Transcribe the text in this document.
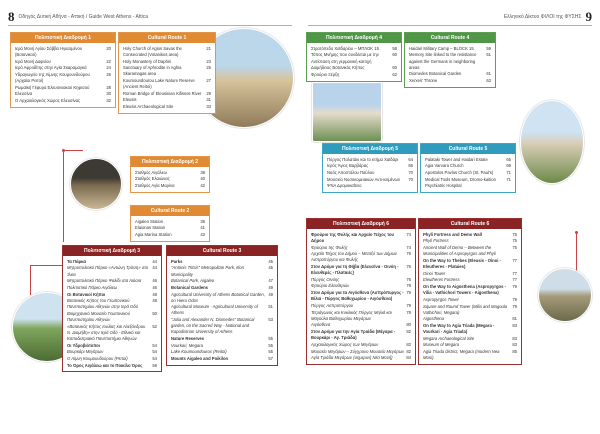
8 Οδηγός Δυτική Αθήνα - Αττική / Guide West Athens - Attica	Ελληνικό Δίκτυο ΦΙΛΟΙ της ΦΥΣΗΣ 9
Πολιτιστική Διαδρομή 1
Ιερά Μονή Αγίου Σάββα Ηγιασμένου (Βοτανικού)
20
Ιερά Μονή Δαφνίου	22
Ιερό Αφροδίτης στην Αγία Σκαραμαγκά	24
Υδραγωγείο της Λίμνης Κουμουνδούρου (Αρχαίοι Ρειτοί)
26
Ρωμαϊκή Γέφυρα Ελευσινιακού Κηφισού	28
Ελευσίνα	30
Ο Αρχαιολογικός Χώρος Ελευσίνας	32
Cultural Route 1
Holy Church of Agios Savas the Consecrated (Votanikos area)
21
Holy Monastery of Daphni	23
Sanctuary of Aphrodite in Aghia Skaramagas area
25
Koumoundourou Lake Nature Reserve (Ancient Reitoi)
27
Roman Bridge of Eleusinian Kifissos River	29
Eleusis	31
Eleusis Archaeological Site	33
Πολιτιστική Διαδρομή 2
Σταθμός Αιγάλεω	38
Σταθμός Ελαιώνας	40
Σταθμός Αγία Μαρίνα	42
Cultural Route 2
Aigaleo Station	39
Elaionas Station	41
Agia Marina Station	43
Πολιτιστική Διαδρομή 3
Τα Πάρκα	44
Μητροπολιτικό Πάρκο «Αντώνη Τρίτση» στο Ίλιον
44
Μητροπολιτικό Πάρκο Ψαλίδι στα Λιόσια	46
Πολιτιστικό Πάρκο Αιγάλεω	46
Οι Βοτανικοί Κήποι	48
Βοτανικός Κήπος του Γεωπονικού Πανεπιστημίου Αθηνών στην Ιερά Οδό
48
Βιομηχανικό Μουσείο Γεωπονικού Πανεπιστημίου Αθηνών
50
«Βοτανικός Κήπος Ιουλίας και Αλεξάνδρου Ν. Διομήδη» στην Ιερά Οδό - Εθνικό και Καποδιστριακό Πανεπιστήμιο Αθηνών
52
Οι Υδροβιότοποι	54
Βουρκάρι Μεγάρων	54
Ο Λίμνη Κουμουνδούρου (Ρειτοί)	54
Το Όρος Αιγάλεω και το Ποικίλο Όρος	56
Cultural Route 3
Parks	45
"Antonis Tritsis" Metropolitan Park, Ilion Municipality
45
Botanical Park, Aigaleo	47
Botanical Gardens	49
Agricultural University of Athens Botanical Garden, on Hiera Odos
49
Agricultural Museum - Agricultural University of Athens
51
"Julia and Alexander N. Diomedes" Botanical garden, on the Sacred Way - National and Kapodistrian University of Athens
53
Nature Reserves	55
Vourkari, Megara	55
Lake Koumoundouros (Reitoi)	55
Mounts Aigaleo and Poikilon	57
Πολιτιστική Διαδρομή 4
Στρατόπεδο Χαϊδαρίου – ΜΠΛΟΚ 15	58
Τόπος Μνήμης που συνδέεται με την Αντίσταση στη γερμανική κατοχή
60
Διομήδειος Βοτανικός Κήπος	60
Φρούριο Ξέρξη	62
Cultural Route 4
Haidari Military Camp – BLOCK 15	59
Memory Site linked to the resistance against the Germans in neighboring areas
61
Diomedes Botanical Garden	61
Xerxes' Throne	63
Πολιτιστική Διαδρομή 5
Πύργος Παλατάκι και το κτήμα Χαϊδάρι	64
Ιερός Άγιος Βαρβάρας	66
Ναός Αποστόλου Παύλου	70
Μουσείο Νοσοκομειακών Αντι-κειμένων ΨΝΑ Δρομοκαΐτειο
70
Cultural Route 5
Palataki Tower and Haidari Estate	65
Agia Varvara Church	69
Apostolos Pavlos Church (St. Paul's)	71
Medical Tools Museum, Dromo-kaition Psychiatric Hospital
71
Πολιτιστική Διαδρομή 6
Φρούριο της Φυλής και Αρχαίο Τείχος του Δήμου
74
Φρούριο της Φυλής	74
Αρχαίο Τείχος του Δήμου – Μεταξύ των Δήμων Ασπροπύργου και Φυλής
76
Στον Δρόμο για τη Θήβα (Ελευσίνα - Οινόη - Ελευθερές - Πλαταιές)
76
Πύργος Οινόης	76
Φρούριο Ελευθερών	78
Στον Δρόμο για τα Αιγόσθενα (Ασπρόπυργος - Βίλια - Πύργος Βαθυχωρίου - Αιγόσθενα)
79
Πύργος Ασπροπύργου	79
Τετράγωνος και Κυκλικός Πύργος Μηλιά και Μαγούλα Βαθυχωρίου Μεγάρων
79
Αιγόσθενα	80
Στον Δρόμο για την Αγία Τριάδα (Μέγαρα - Βουρκάρι - Αγ. Τριάδα)
82
Αρχαιολογικός Χώρος των Μεγάρων	82
Μουσείο Μεγάρων – Σύγχρονο Μουσείο Μεγάρων 82
Αγία Τριάδα Μεγάρων (σημερινή Νέα Μονή)	84
Cultural Route 6
Phyli Fortress and Demo Wall	75
Phyli Fortress	75
Ancient Wall of Demo – Between the Municipalities of Aspropyrgos and Phyli
75
On the Way to Thebes (Eleusis - Oinoi - Eleutheres - Plataies)
77
Oinoi Tower	77
Eleutheres Fortress	77
On the Way to Aigosthena (Aspropyrgos - Vilia - Vathichori Towers - Aigosthena)
79
Aspropyrgos Tower	79
Square and Round Tower (Milia and Magoula Vathichori, Megara)
79
Aigosthena	81
On the Way to Agia Triada (Megara - Vourkari - Agia Triada)
83
Megara Archaeological Site	83
Museum of Megara	83
Agia Triada district, Megara (modern Nea Moni)
85
